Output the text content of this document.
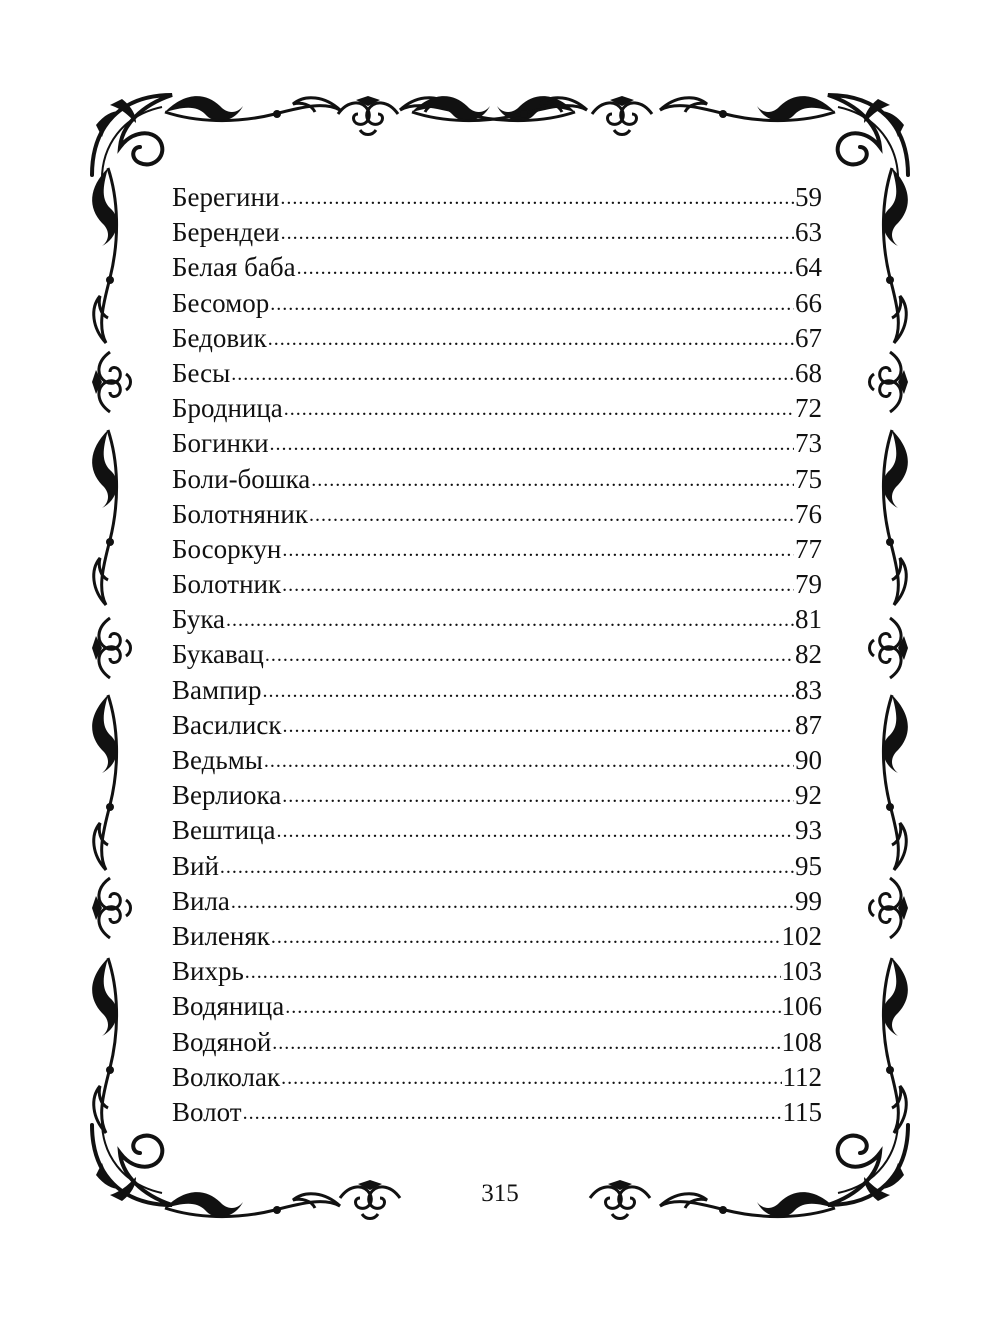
Берегини .....	59
Берендеи .....	63
Белая баба .....	64
Бесомор .....	66
Бедовик .....	67
Бесы .....	68
Бродница .....	72
Богинки .....	73
Боли-бошка .....	75
Болотняник .....	76
Босоркун .....	77
Болотник .....	79
Бука .....	81
Букавац .....	82
Вампир .....	83
Василиск .....	87
Ведьмы .....	90
Верлиока .....	92
Вештица .....	93
Вий .....	95
Вила .....	99
Виленяк .....	102
Вихрь .....	103
Водяница .....	106
Водяной .....	108
Волколак .....	112
Волот .....	115
315
